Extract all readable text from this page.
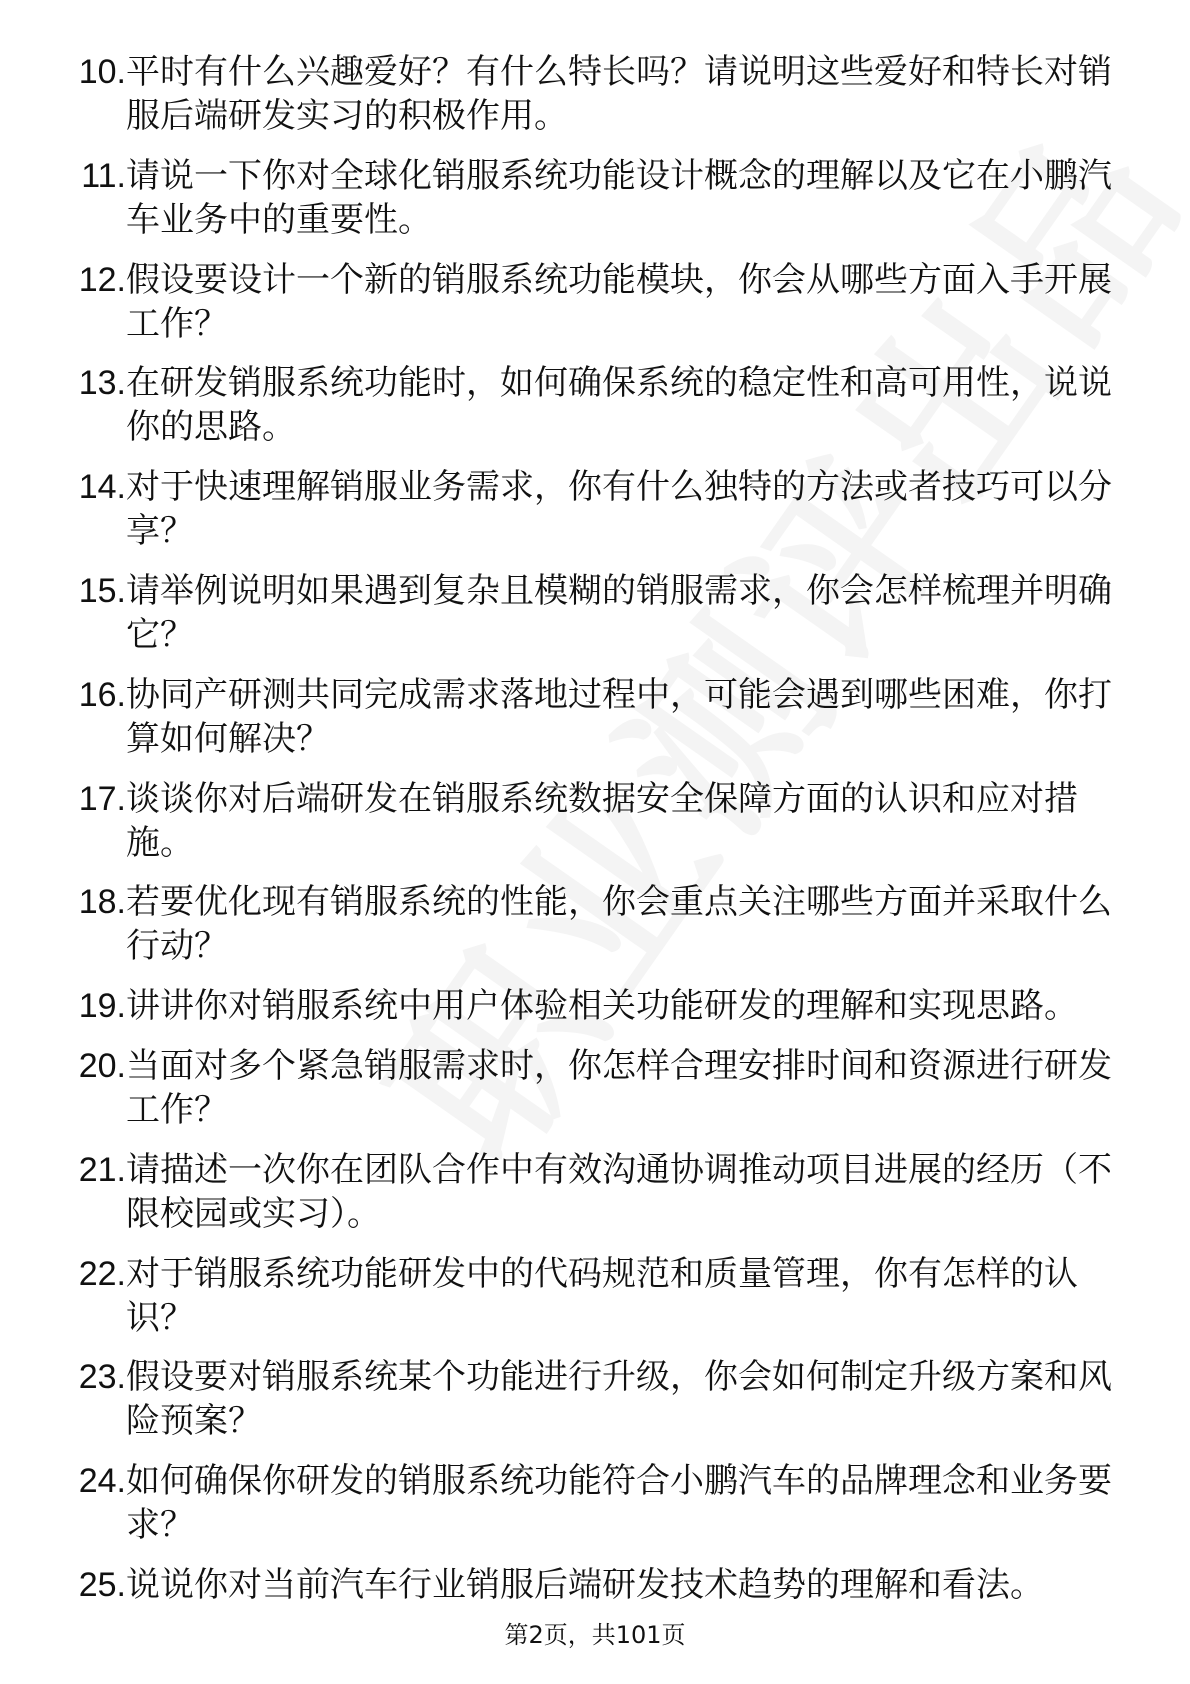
10. 平时有什么兴趣爱好？有什么特长吗？请说明这些爱好和特长对销服后端研发实习的积极作用。
11. 请说一下你对全球化销服系统功能设计概念的理解以及它在小鹏汽车业务中的重要性。
12. 假设要设计一个新的销服系统功能模块，你会从哪些方面入手开展工作？
13. 在研发销服系统功能时，如何确保系统的稳定性和高可用性，说说你的思路。
14. 对于快速理解销服业务需求，你有什么独特的方法或者技巧可以分享？
15. 请举例说明如果遇到复杂且模糊的销服需求，你会怎样梳理并明确它？
16. 协同产研测共同完成需求落地过程中，可能会遇到哪些困难，你打算如何解决？
17. 谈谈你对后端研发在销服系统数据安全保障方面的认识和应对措施。
18. 若要优化现有销服系统的性能，你会重点关注哪些方面并采取什么行动？
19. 讲讲你对销服系统中用户体验相关功能研发的理解和实现思路。
20. 当面对多个紧急销服需求时，你怎样合理安排时间和资源进行研发工作？
21. 请描述一次你在团队合作中有效沟通协调推动项目进展的经历（不限校园或实习）。
22. 对于销服系统功能研发中的代码规范和质量管理，你有怎样的认识？
23. 假设要对销服系统某个功能进行升级，你会如何制定升级方案和风险预案？
24. 如何确保你研发的销服系统功能符合小鹏汽车的品牌理念和业务要求？
25. 说说你对当前汽车行业销服后端研发技术趋势的理解和看法。
第2页，共101页
